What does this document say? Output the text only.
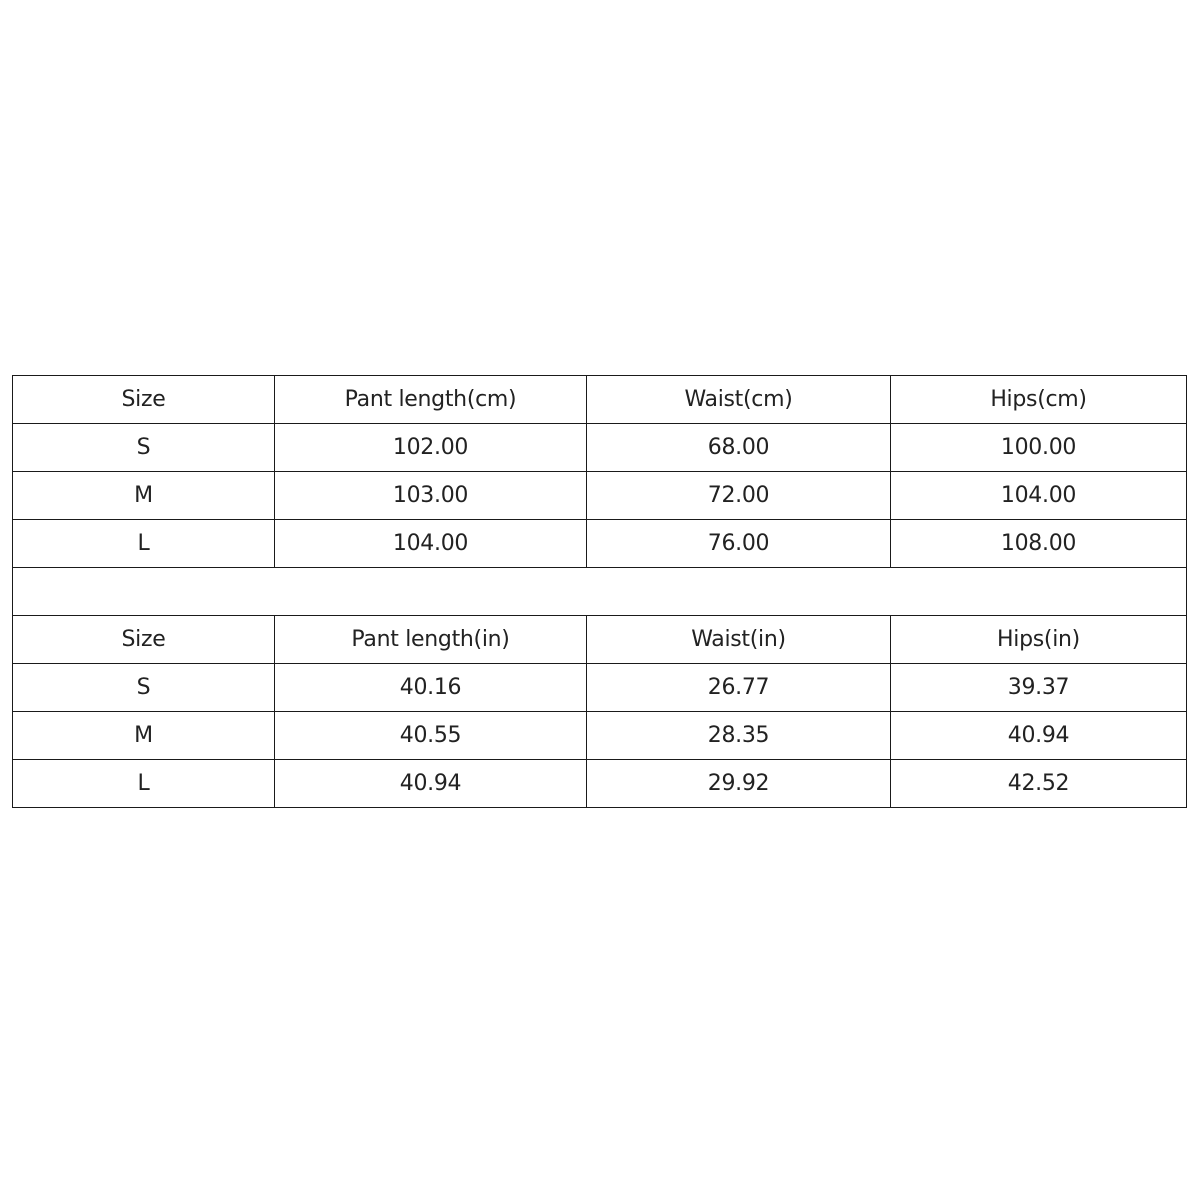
Size	Pant length(cm)	Waist(cm)	Hips(cm)
S	102.00	68.00	100.00
M	103.00	72.00	104.00
L	104.00	76.00	108.00

Size	Pant length(in)	Waist(in)	Hips(in)
S	40.16	26.77	39.37
M	40.55	28.35	40.94
L	40.94	29.92	42.52
